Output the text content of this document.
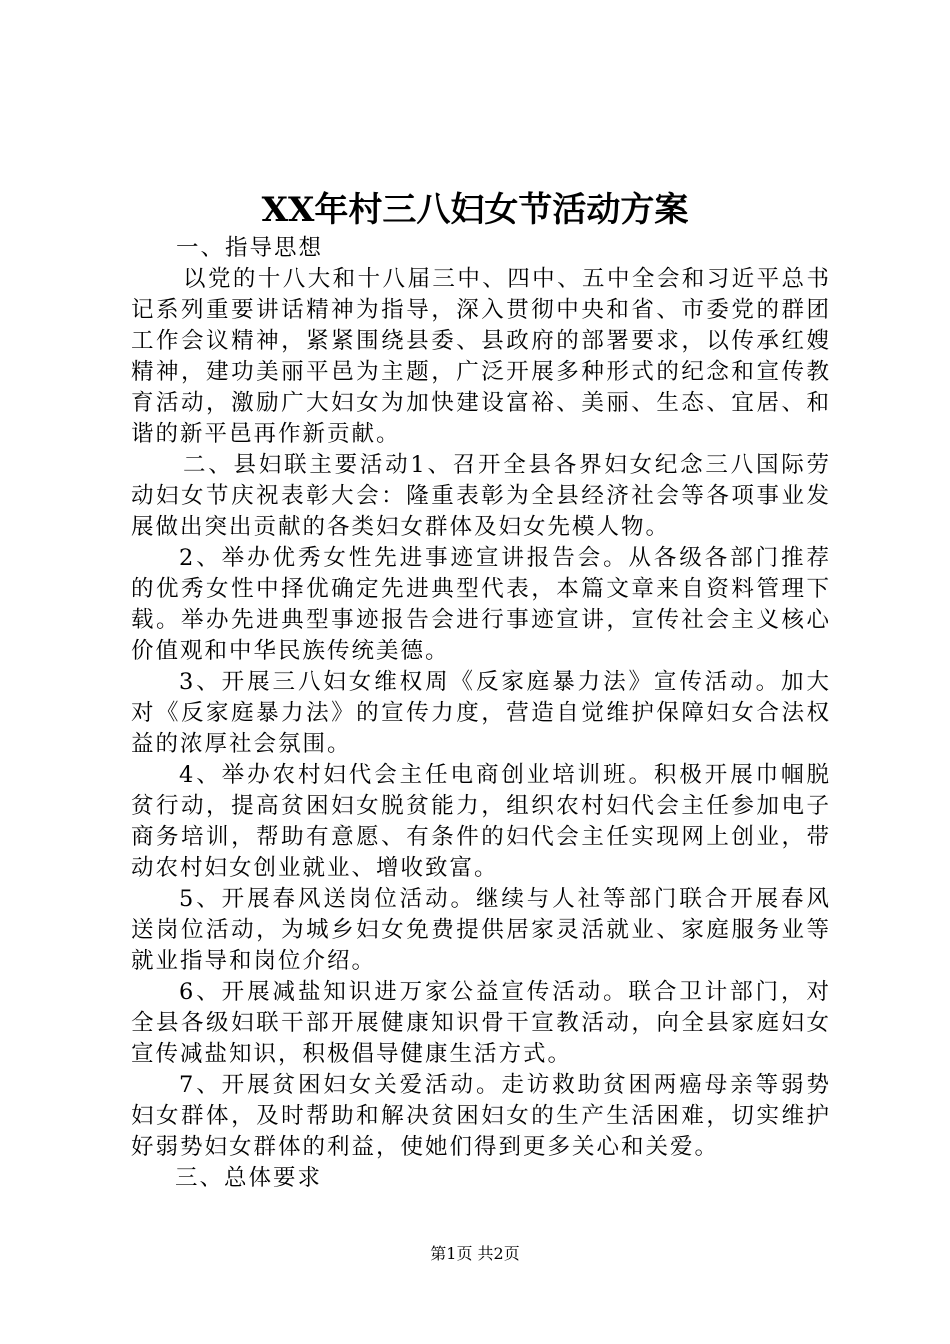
XX年村三八妇女节活动方案

一、指导思想

以党的十八大和十八届三中、四中、五中全会和习近平总书记系列重要讲话精神为指导，深入贯彻中央和省、市委党的群团工作会议精神，紧紧围绕县委、县政府的部署要求，以传承红嫂精神，建功美丽平邑为主题，广泛开展多种形式的纪念和宣传教育活动，激励广大妇女为加快建设富裕、美丽、生态、宜居、和谐的新平邑再作新贡献。

二、县妇联主要活动1、召开全县各界妇女纪念三八国际劳动妇女节庆祝表彰大会：隆重表彰为全县经济社会等各项事业发展做出突出贡献的各类妇女群体及妇女先模人物。

2、举办优秀女性先进事迹宣讲报告会。从各级各部门推荐的优秀女性中择优确定先进典型代表，本篇文章来自资料管理下载。举办先进典型事迹报告会进行事迹宣讲，宣传社会主义核心价值观和中华民族传统美德。

3、开展三八妇女维权周《反家庭暴力法》宣传活动。加大对《反家庭暴力法》的宣传力度，营造自觉维护保障妇女合法权益的浓厚社会氛围。

4、举办农村妇代会主任电商创业培训班。积极开展巾帼脱贫行动，提高贫困妇女脱贫能力，组织农村妇代会主任参加电子商务培训，帮助有意愿、有条件的妇代会主任实现网上创业，带动农村妇女创业就业、增收致富。

5、开展春风送岗位活动。继续与人社等部门联合开展春风送岗位活动，为城乡妇女免费提供居家灵活就业、家庭服务业等就业指导和岗位介绍。

6、开展减盐知识进万家公益宣传活动。联合卫计部门，对全县各级妇联干部开展健康知识骨干宣教活动，向全县家庭妇女宣传减盐知识，积极倡导健康生活方式。

7、开展贫困妇女关爱活动。走访救助贫困两癌母亲等弱势妇女群体，及时帮助和解决贫困妇女的生产生活困难，切实维护好弱势妇女群体的利益，使她们得到更多关心和关爱。

三、总体要求

第1页 共2页
